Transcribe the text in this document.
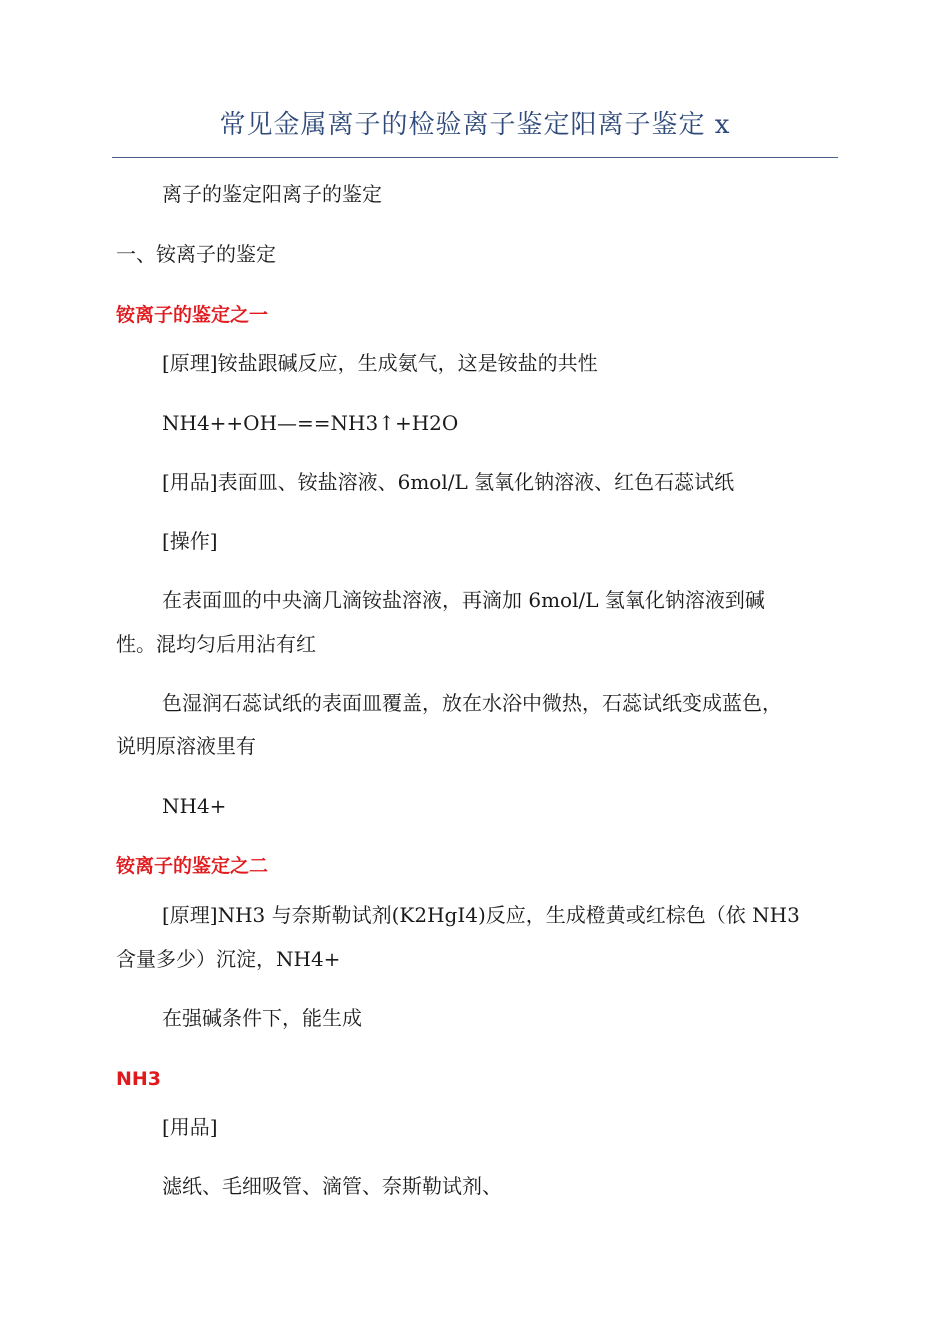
常见金属离子的检验离子鉴定阳离子鉴定 x
离子的鉴定阳离子的鉴定
一、铵离子的鉴定
铵离子的鉴定之一
[原理]铵盐跟碱反应，生成氨气，这是铵盐的共性
NH4++OH—==NH3↑+H2O
[用品]表面皿、铵盐溶液、6mol/L 氢氧化钠溶液、红色石蕊试纸
[操作]
在表面皿的中央滴几滴铵盐溶液，再滴加 6mol/L 氢氧化钠溶液到碱
性。混均匀后用沾有红
色湿润石蕊试纸的表面皿覆盖，放在水浴中微热，石蕊试纸变成蓝色，
说明原溶液里有
NH4+
铵离子的鉴定之二
[原理]NH3 与奈斯勒试剂(K2HgI4)反应，生成橙黄或红棕色（依 NH3
含量多少）沉淀，NH4+
在强碱条件下，能生成
NH3
[用品]
滤纸、毛细吸管、滴管、奈斯勒试剂、
